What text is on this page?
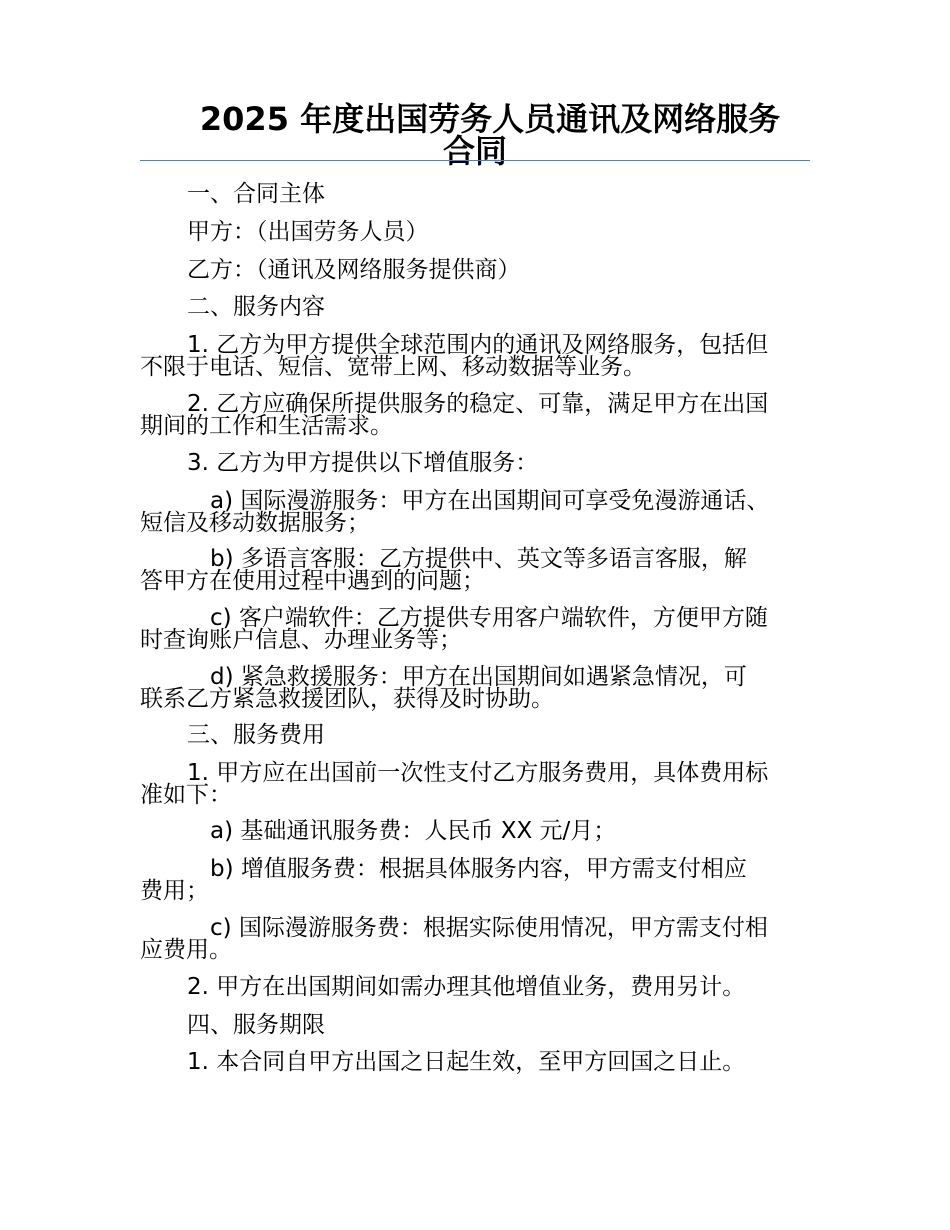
2025 年度出国劳务人员通讯及网络服务
合同
一、合同主体
甲方：（出国劳务人员）
乙方：（通讯及网络服务提供商）
二、服务内容
1. 乙方为甲方提供全球范围内的通讯及网络服务，包括但
不限于电话、短信、宽带上网、移动数据等业务。
2. 乙方应确保所提供服务的稳定、可靠，满足甲方在出国
期间的工作和生活需求。
3. 乙方为甲方提供以下增值服务：
a) 国际漫游服务：甲方在出国期间可享受免漫游通话、
短信及移动数据服务；
b) 多语言客服：乙方提供中、英文等多语言客服，解
答甲方在使用过程中遇到的问题；
c) 客户端软件：乙方提供专用客户端软件，方便甲方随
时查询账户信息、办理业务等；
d) 紧急救援服务：甲方在出国期间如遇紧急情况，可
联系乙方紧急救援团队，获得及时协助。
三、服务费用
1. 甲方应在出国前一次性支付乙方服务费用，具体费用标
准如下：
a) 基础通讯服务费：人民币 XX 元/月；
b) 增值服务费：根据具体服务内容，甲方需支付相应
费用；
c) 国际漫游服务费：根据实际使用情况，甲方需支付相
应费用。
2. 甲方在出国期间如需办理其他增值业务，费用另计。
四、服务期限
1. 本合同自甲方出国之日起生效，至甲方回国之日止。
